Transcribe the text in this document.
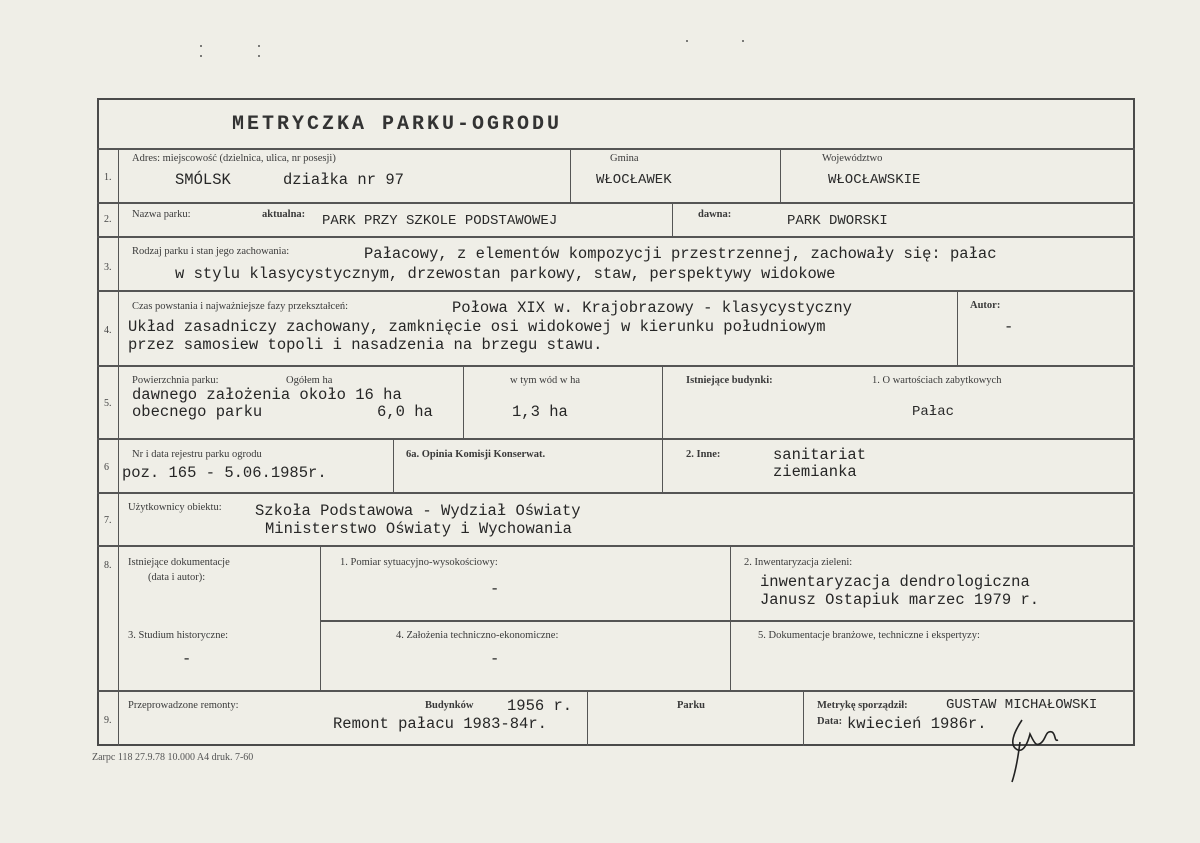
METRYCZKA PARKU-OGRODU
1.
Adres: miejscowość (dzielnica, ulica, nr posesji)
SMÓLSK	działka nr 97
Gmina
WŁOCŁAWEK
Województwo
WŁOCŁAWSKIE
2. Nazwa parku:	aktualna: PARK PRZY SZKOLE PODSTAWOWEJ	dawna:	PARK DWORSKI
3.
Rodzaj parku i stan jego zachowania:	Pałacowy, z elementów kompozycji przestrzennej, zachowały się: pałac
w stylu klasycystycznym, drzewostan parkowy, staw, perspektywy widokowe
4.
Czas powstania i najważniejsze fazy przekształceń:	Połowa XIX w. Krajobrazowy - klasycystyczny
Układ zasadniczy zachowany, zamknięcie osi widokowej w kierunku południowym
przez samosiew topoli i nasadzenia na brzegu stawu.
Autor:
-
5.
Powierzchnia parku:	Ogółem ha
dawnego założenia około 16 ha
obecnego parku	6,0 ha
w tym wód w ha
1,3 ha
Istniejące budynki:	1. O wartościach zabytkowych
Pałac
6
Nr i data rejestru parku ogrodu
poz. 165 - 5.06.1985r.
6a. Opinia Komisji Konserwat.	2. Inne:	sanitariat
ziemianka
7.
Użytkownicy obiektu: Szkoła Podstawowa - Wydział Oświaty
Ministerstwo Oświaty i Wychowania
8. Istniejące dokumentacje
(data i autor):
1. Pomiar sytuacyjno-wysokościowy:
-
2. Inwentaryzacja zieleni:
inwentaryzacja dendrologiczna
Janusz Ostapiuk marzec 1979 r.
3. Studium historyczne:
-
4. Założenia techniczno-ekonomiczne:
-
5. Dokumentacje branżowe, techniczne i ekspertyzy:
9.
Przeprowadzone remonty:	Budynków 1956 r.
Remont pałacu 1983-84r.
Parku	Metrykę sporządził:	GUSTAW MICHAŁOWSKI
Data: kwiecień 1986r.
Zarpc 118 27.9.78 10.000 A4 druk. 7-60
